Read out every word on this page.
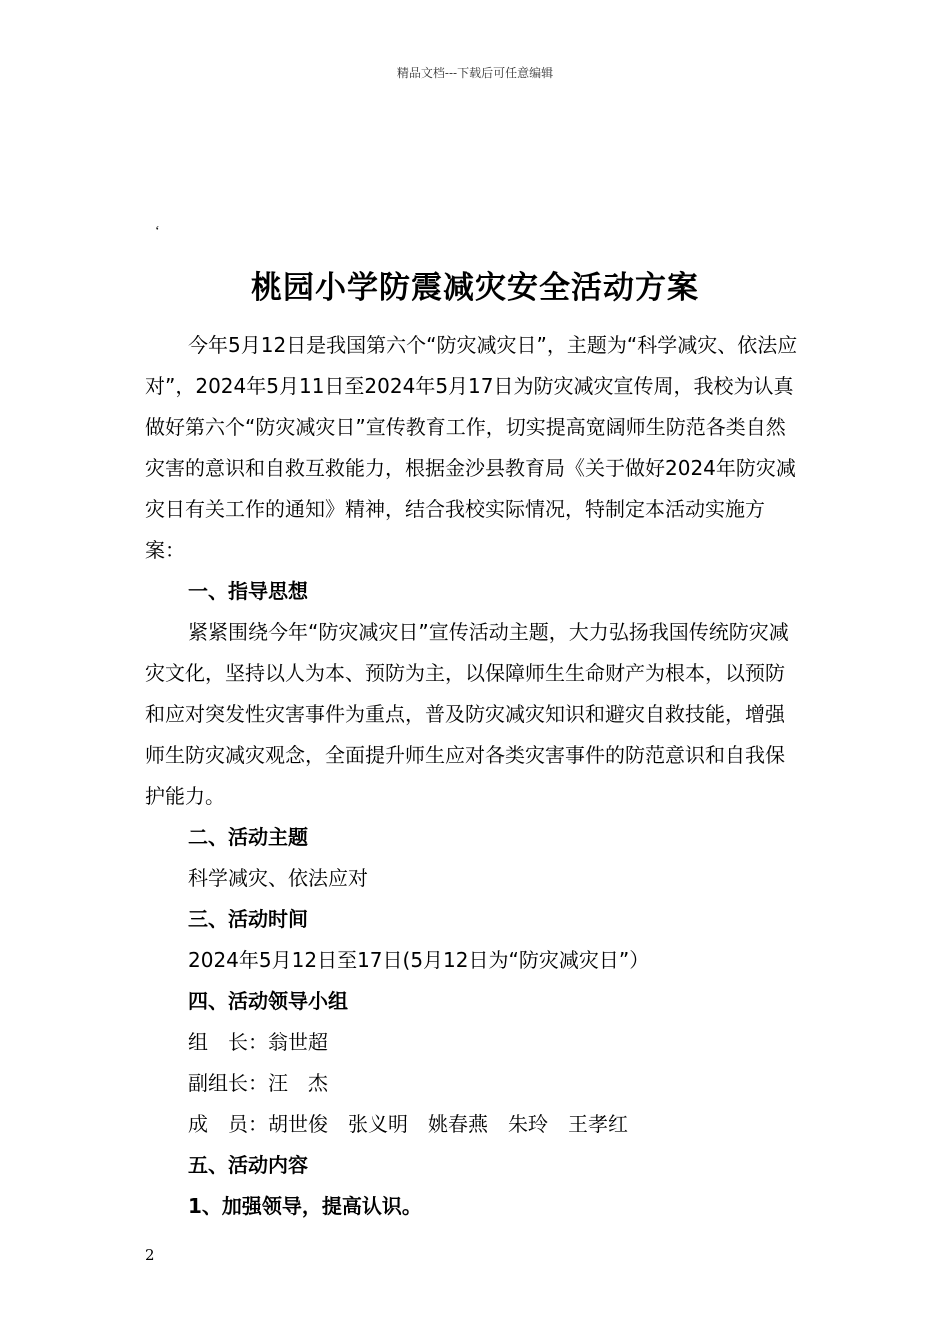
精品文档---下载后可任意编辑
‘
桃园小学防震减灾安全活动方案

今年5月12日是我国第六个“防灾减灾日”，主题为“科学减灾、依法应对”，2024年5月11日至2024年5月17日为防灾减灾宣传周，我校为认真做好第六个“防灾减灾日”宣传教育工作，切实提高宽阔师生防范各类自然灾害的意识和自救互救能力，根据金沙县教育局《关于做好2024年防灾减灾日有关工作的通知》精神，结合我校实际情况，特制定本活动实施方案：

一、指导思想

紧紧围绕今年“防灾减灾日”宣传活动主题，大力弘扬我国传统防灾减灾文化，坚持以人为本、预防为主，以保障师生生命财产为根本，以预防和应对突发性灾害事件为重点，普及防灾减灾知识和避灾自救技能，增强师生防灾减灾观念，全面提升师生应对各类灾害事件的防范意识和自我保护能力。

二、活动主题

科学减灾、依法应对

三、活动时间

2024年5月12日至17日(5月12日为“防灾减灾日”）

四、活动领导小组

组　长：翁世超

副组长：汪　杰

成　员：胡世俊　张义明　姚春燕　朱玲　王孝红

五、活动内容

1、加强领导，提高认识。

2
